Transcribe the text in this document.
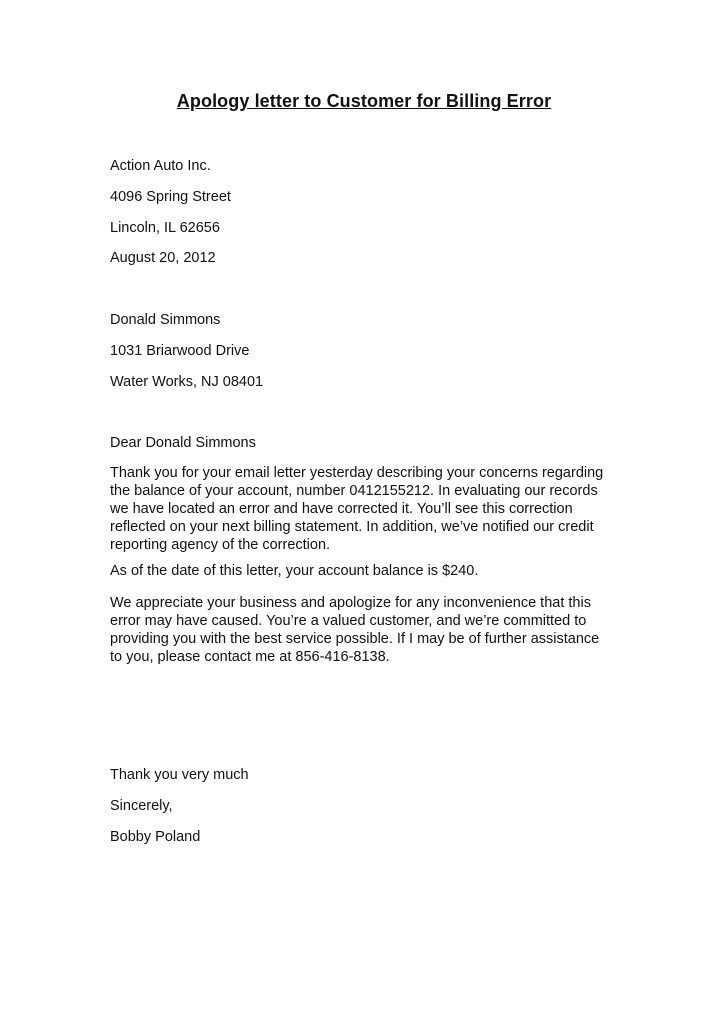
Apology letter to Customer for Billing Error
Action Auto Inc.
4096 Spring Street
Lincoln, IL 62656
August 20, 2012
Donald Simmons
1031 Briarwood Drive
Water Works, NJ 08401
Dear Donald Simmons
Thank you for your email letter yesterday describing your concerns regarding
the balance of your account, number 0412155212. In evaluating our records
we have located an error and have corrected it. You’ll see this correction
reflected on your next billing statement. In addition, we’ve notified our credit
reporting agency of the correction.
As of the date of this letter, your account balance is $240.
We appreciate your business and apologize for any inconvenience that this
error may have caused. You’re a valued customer, and we’re committed to
providing you with the best service possible. If I may be of further assistance
to you, please contact me at 856-416-8138.
Thank you very much
Sincerely,
Bobby Poland
